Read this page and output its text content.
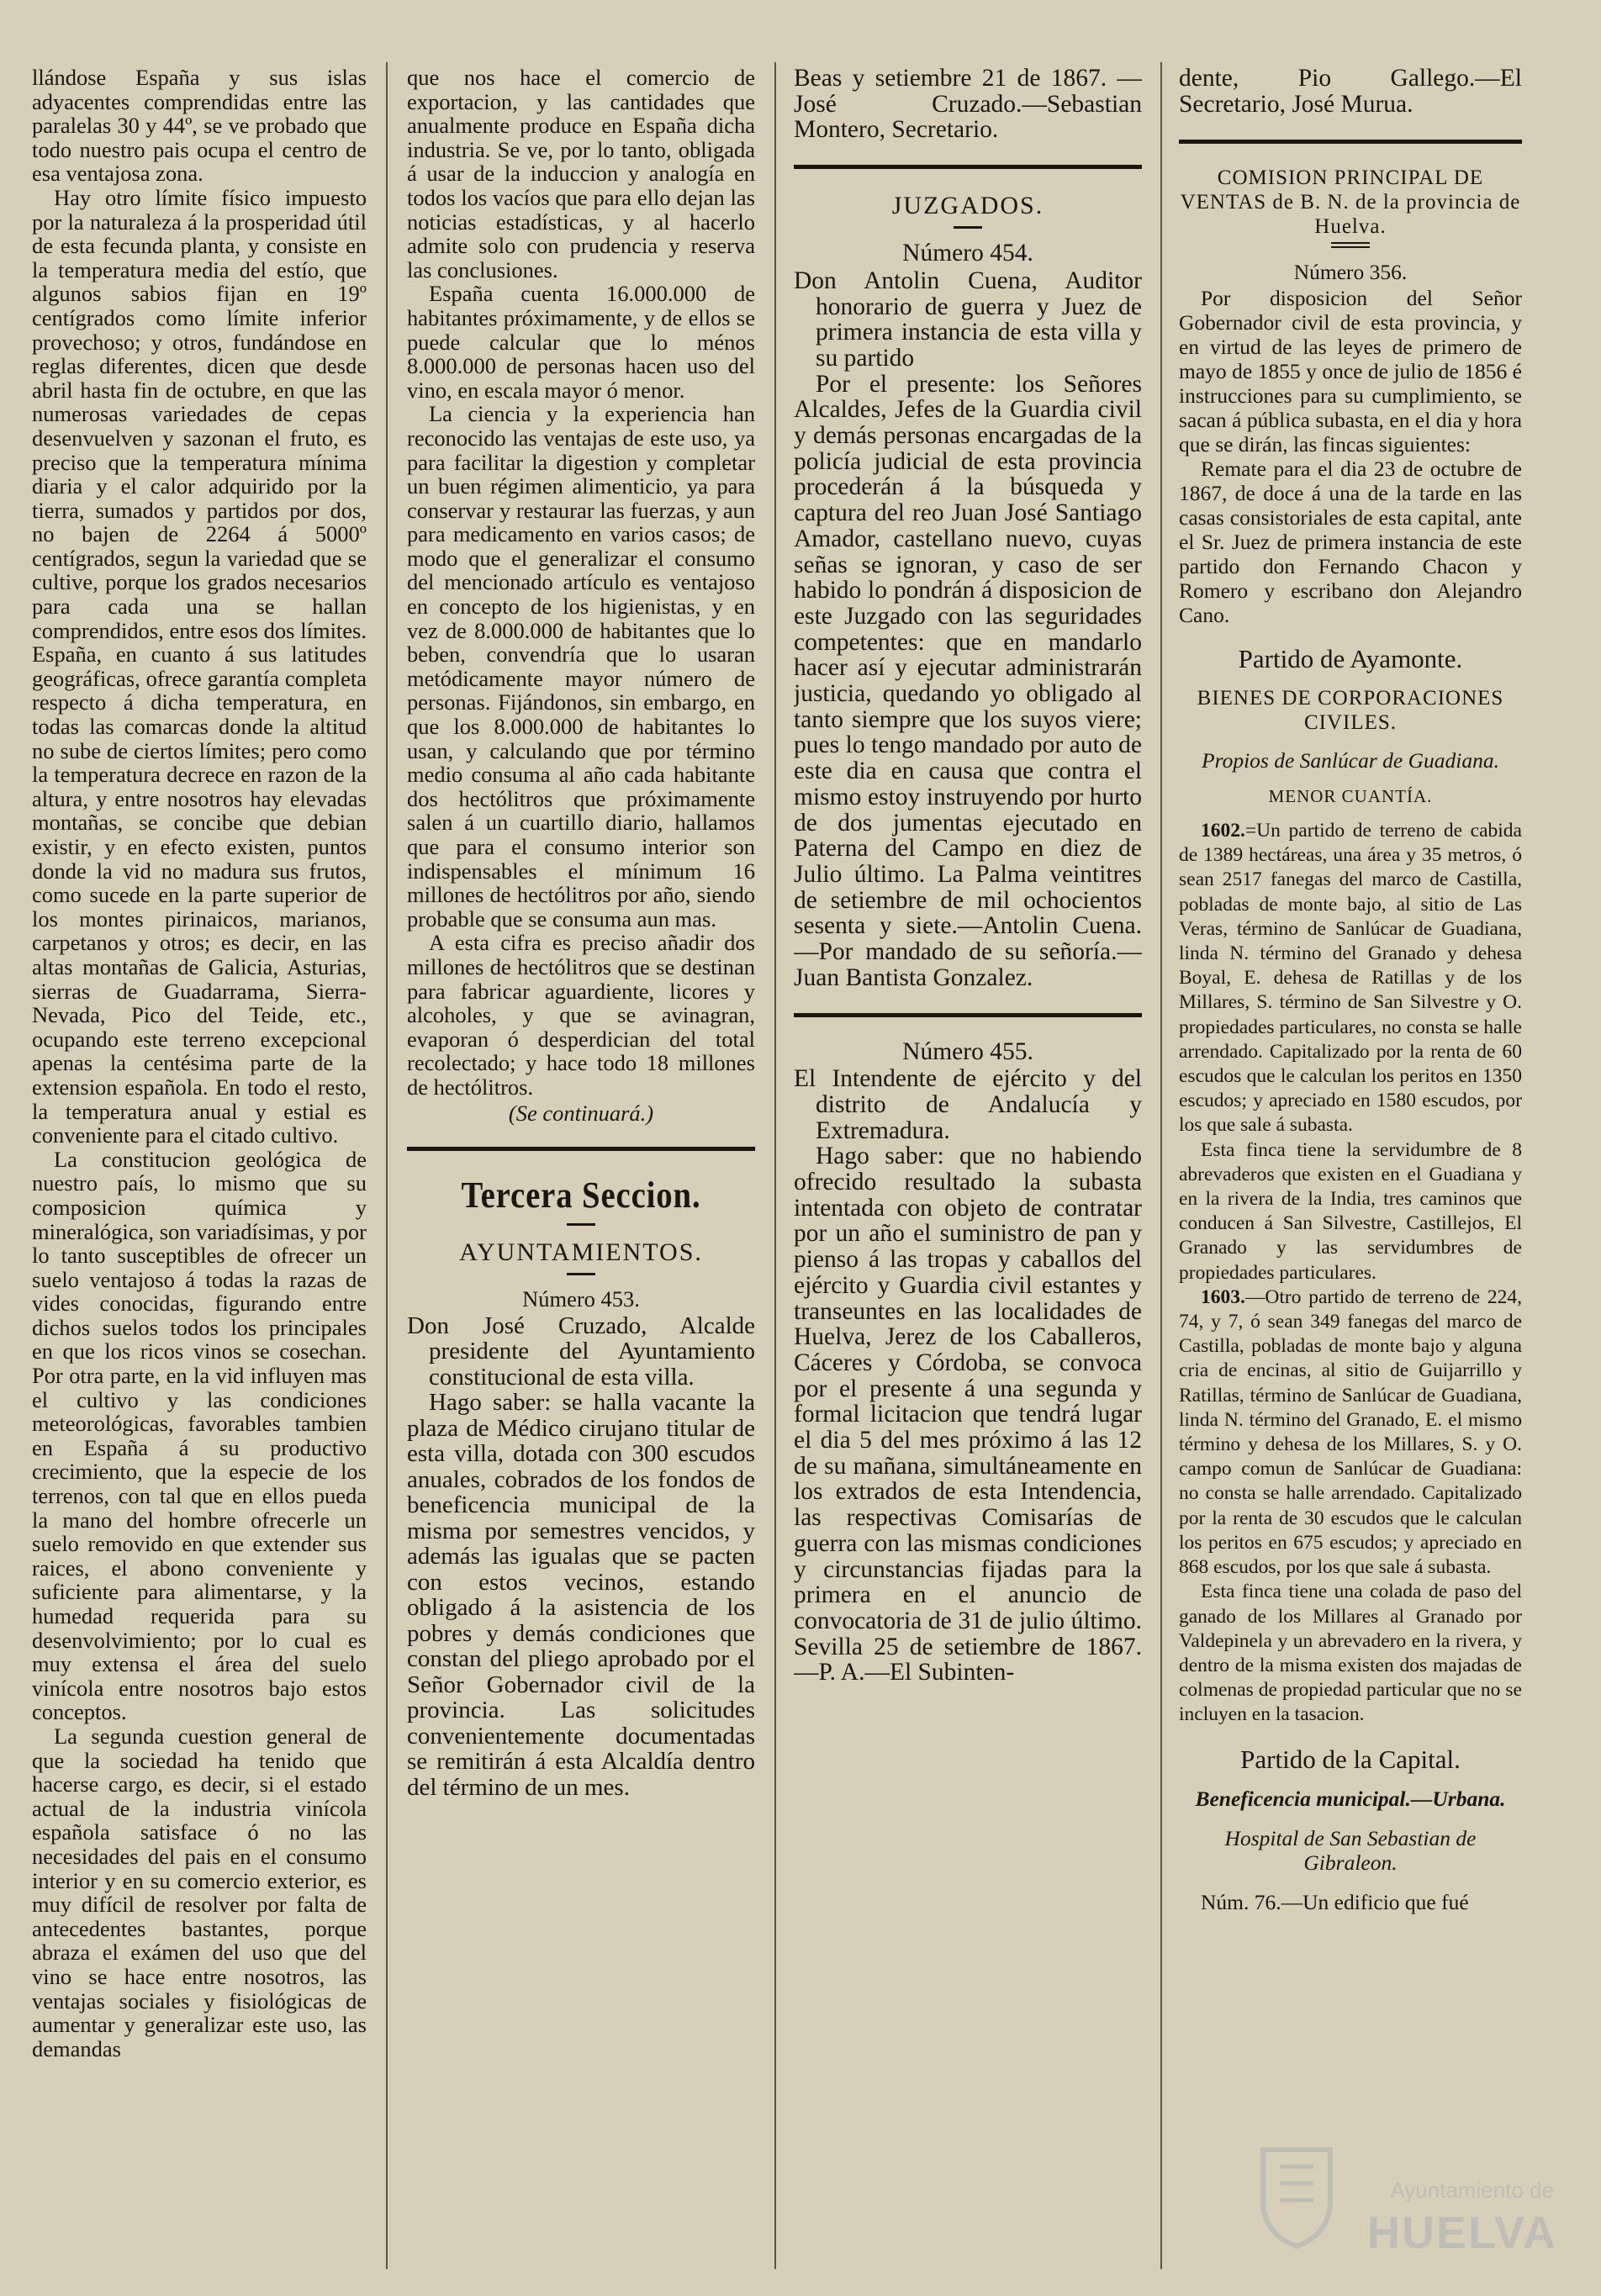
llándose España y sus islas adyacentes comprendidas entre las paralelas 30 y 44º, se ve probado que todo nuestro pais ocupa el centro de esa ventajosa zona.

Hay otro límite físico impuesto por la naturaleza á la prosperidad útil de esta fecunda planta, y consiste en la temperatura media del estío, que algunos sabios fijan en 19º centígrados como límite inferior provechoso; y otros, fundándose en reglas diferentes, dicen que desde abril hasta fin de octubre, en que las numerosas variedades de cepas desenvuelven y sazonan el fruto, es preciso que la temperatura mínima diaria y el calor adquirido por la tierra, sumados y partidos por dos, no bajen de 2264 á 5000º centígrados, segun la variedad que se cultive, porque los grados necesarios para cada una se hallan comprendidos, entre esos dos límites. España, en cuanto á sus latitudes geográficas, ofrece garantía completa respecto á dicha temperatura, en todas las comarcas donde la altitud no sube de ciertos límites; pero como la temperatura decrece en razon de la altura, y entre nosotros hay elevadas montañas, se concibe que debian existir, y en efecto existen, puntos donde la vid no madura sus frutos, como sucede en la parte superior de los montes pirinaicos, marianos, carpetanos y otros; es decir, en las altas montañas de Galicia, Asturias, sierras de Guadarrama, Sierra-Nevada, Pico del Teide, etc., ocupando este terreno excepcional apenas la centésima parte de la extension española. En todo el resto, la temperatura anual y estial es conveniente para el citado cultivo.

La constitucion geológica de nuestro país, lo mismo que su composicion química y mineralógica, son variadísimas, y por lo tanto susceptibles de ofrecer un suelo ventajoso á todas la razas de vides conocidas, figurando entre dichos suelos todos los principales en que los ricos vinos se cosechan. Por otra parte, en la vid influyen mas el cultivo y las condiciones meteorológicas, favorables tambien en España á su productivo crecimiento, que la especie de los terrenos, con tal que en ellos pueda la mano del hombre ofrecerle un suelo removido en que extender sus raices, el abono conveniente y suficiente para alimentarse, y la humedad requerida para su desenvolvimiento; por lo cual es muy extensa el área del suelo vinícola entre nosotros bajo estos conceptos.

La segunda cuestion general de que la sociedad ha tenido que hacerse cargo, es decir, si el estado actual de la industria vinícola española satisface ó no las necesidades del pais en el consumo interior y en su comercio exterior, es muy difícil de resolver por falta de antecedentes bastantes, porque abraza el exámen del uso que del vino se hace entre nosotros, las ventajas sociales y fisiológicas de aumentar y generalizar este uso, las demandas

que nos hace el comercio de exportacion, y las cantidades que anualmente produce en España dicha industria. Se ve, por lo tanto, obligada á usar de la induccion y analogía en todos los vacíos que para ello dejan las noticias estadísticas, y al hacerlo admite solo con prudencia y reserva las conclusiones.

España cuenta 16.000.000 de habitantes próximamente, y de ellos se puede calcular que lo ménos 8.000.000 de personas hacen uso del vino, en escala mayor ó menor.

La ciencia y la experiencia han reconocido las ventajas de este uso, ya para facilitar la digestion y completar un buen régimen alimenticio, ya para conservar y restaurar las fuerzas, y aun para medicamento en varios casos; de modo que el generalizar el consumo del mencionado artículo es ventajoso en concepto de los higienistas, y en vez de 8.000.000 de habitantes que lo beben, convendría que lo usaran metódicamente mayor número de personas. Fijándonos, sin embargo, en que los 8.000.000 de habitantes lo usan, y calculando que por término medio consuma al año cada habitante dos hectólitros que próximamente salen á un cuartillo diario, hallamos que para el consumo interior son indispensables el mínimum 16 millones de hectólitros por año, siendo probable que se consuma aun mas.

A esta cifra es preciso añadir dos millones de hectólitros que se destinan para fabricar aguardiente, licores y alcoholes, y que se avinagran, evaporan ó desperdician del total recolectado; y hace todo 18 millones de hectólitros.

(Se continuará.)
Tercera Seccion.
AYUNTAMIENTOS.
Número 453.

Don José Cruzado, Alcalde presidente del Ayuntamiento constitucional de esta villa.

Hago saber: se halla vacante la plaza de Médico cirujano titular de esta villa, dotada con 300 escudos anuales, cobrados de los fondos de beneficencia municipal de la misma por semestres vencidos, y además las igualas que se pacten con estos vecinos, estando obligado á la asistencia de los pobres y demás condiciones que constan del pliego aprobado por el Señor Gobernador civil de la provincia. Las solicitudes convenientemente documentadas se remitirán á esta Alcaldía dentro del término de un mes.

Beas y setiembre 21 de 1867. —José Cruzado.—Sebastian Montero, Secretario.

JUZGADOS.
Número 454.

Don Antolin Cuena, Auditor honorario de guerra y Juez de primera instancia de esta villa y su partido

Por el presente: los Señores Alcaldes, Jefes de la Guardia civil y demás personas encargadas de la policía judicial de esta provincia procederán á la búsqueda y captura del reo Juan José Santiago Amador, castellano nuevo, cuyas señas se ignoran, y caso de ser habido lo pondrán á disposicion de este Juzgado con las seguridades competentes: que en mandarlo hacer así y ejecutar administrarán justicia, quedando yo obligado al tanto siempre que los suyos viere; pues lo tengo mandado por auto de este dia en causa que contra el mismo estoy instruyendo por hurto de dos jumentas ejecutado en Paterna del Campo en diez de Julio último. La Palma veintitres de setiembre de mil ochocientos sesenta y siete.—Antolin Cuena.—Por mandado de su señoría.—Juan Bantista Gonzalez.

Número 455.

El Intendente de ejército y del distrito de Andalucía y Extremadura.

Hago saber: que no habiendo ofrecido resultado la subasta intentada con objeto de contratar por un año el suministro de pan y pienso á las tropas y caballos del ejército y Guardia civil estantes y transeuntes en las localidades de Huelva, Jerez de los Caballeros, Cáceres y Córdoba, se convoca por el presente á una segunda y formal licitacion que tendrá lugar el dia 5 del mes próximo á las 12 de su mañana, simultáneamente en los extrados de esta Intendencia, las respectivas Comisarías de guerra con las mismas condiciones y circunstancias fijadas para la primera en el anuncio de convocatoria de 31 de julio último. Sevilla 25 de setiembre de 1867.—P. A.—El Subinten-

dente, Pio Gallego.—El Secretario, José Murua.

COMISION PRINCIPAL DE VENTAS de B. N. de la provincia de Huelva.
Número 356.

Por disposicion del Señor Gobernador civil de esta provincia, y en virtud de las leyes de primero de mayo de 1855 y once de julio de 1856 é instrucciones para su cumplimiento, se sacan á pública subasta, en el dia y hora que se dirán, las fincas siguientes:

Remate para el dia 23 de octubre de 1867, de doce á una de la tarde en las casas consistoriales de esta capital, ante el Sr. Juez de primera instancia de este partido don Fernando Chacon y Romero y escribano don Alejandro Cano.

Partido de Ayamonte.
BIENES DE CORPORACIONES CIVILES.
Propios de Sanlúcar de Guadiana.
MENOR CUANTÍA.

1602.=Un partido de terreno de cabida de 1389 hectáreas, una área y 35 metros, ó sean 2517 fanegas del marco de Castilla, pobladas de monte bajo, al sitio de Las Veras, término de Sanlúcar de Guadiana, linda N. término del Granado y dehesa Boyal, E. dehesa de Ratillas y de los Millares, S. término de San Silvestre y O. propiedades particulares, no consta se halle arrendado. Capitalizado por la renta de 60 escudos que le calculan los peritos en 1350 escudos; y apreciado en 1580 escudos, por los que sale á subasta.

Esta finca tiene la servidumbre de 8 abrevaderos que existen en el Guadiana y en la rivera de la India, tres caminos que conducen á San Silvestre, Castillejos, El Granado y las servidumbres de propiedades particulares.

1603.—Otro partido de terreno de 224, 74, y 7, ó sean 349 fanegas del marco de Castilla, pobladas de monte bajo y alguna cria de encinas, al sitio de Guijarrillo y Ratillas, término de Sanlúcar de Guadiana, linda N. término del Granado, E. el mismo término y dehesa de los Millares, S. y O. campo comun de Sanlúcar de Guadiana: no consta se halle arrendado. Capitalizado por la renta de 30 escudos que le calculan los peritos en 675 escudos; y apreciado en 868 escudos, por los que sale á subasta.

Esta finca tiene una colada de paso del ganado de los Millares al Granado por Valdepinela y un abrevadero en la rivera, y dentro de la misma existen dos majadas de colmenas de propiedad particular que no se incluyen en la tasacion.

Partido de la Capital.
Beneficencia municipal.—Urbana.
Hospital de San Sebastian de Gibraleon.

Núm. 76.—Un edificio que fué

Ayuntamiento de
HUELVA
